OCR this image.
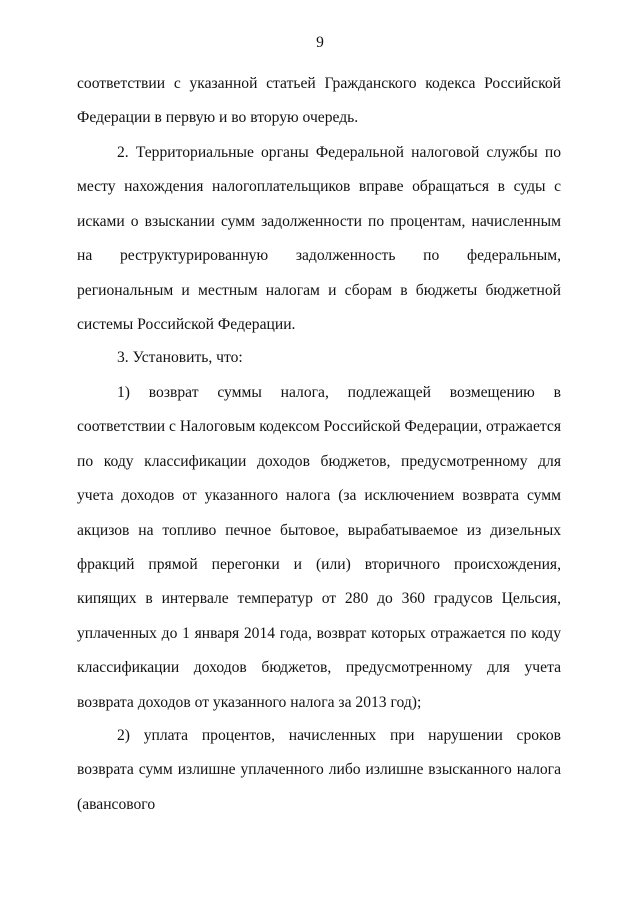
9

соответствии с указанной статьей Гражданского кодекса Российской Федерации в первую и во вторую очередь.

2. Территориальные органы Федеральной налоговой службы по месту нахождения налогоплательщиков вправе обращаться в суды с исками о взыскании сумм задолженности по процентам, начисленным на реструктурированную задолженность по федеральным, региональным и местным налогам и сборам в бюджеты бюджетной системы Российской Федерации.

3. Установить, что:

1) возврат суммы налога, подлежащей возмещению в соответствии с Налоговым кодексом Российской Федерации, отражается по коду классификации доходов бюджетов, предусмотренному для учета доходов от указанного налога (за исключением возврата сумм акцизов на топливо печное бытовое, вырабатываемое из дизельных фракций прямой перегонки и (или) вторичного происхождения, кипящих в интервале температур от 280 до 360 градусов Цельсия, уплаченных до 1 января 2014 года, возврат которых отражается по коду классификации доходов бюджетов, предусмотренному для учета возврата доходов от указанного налога за 2013 год);

2) уплата процентов, начисленных при нарушении сроков возврата сумм излишне уплаченного либо излишне взысканного налога (авансового
